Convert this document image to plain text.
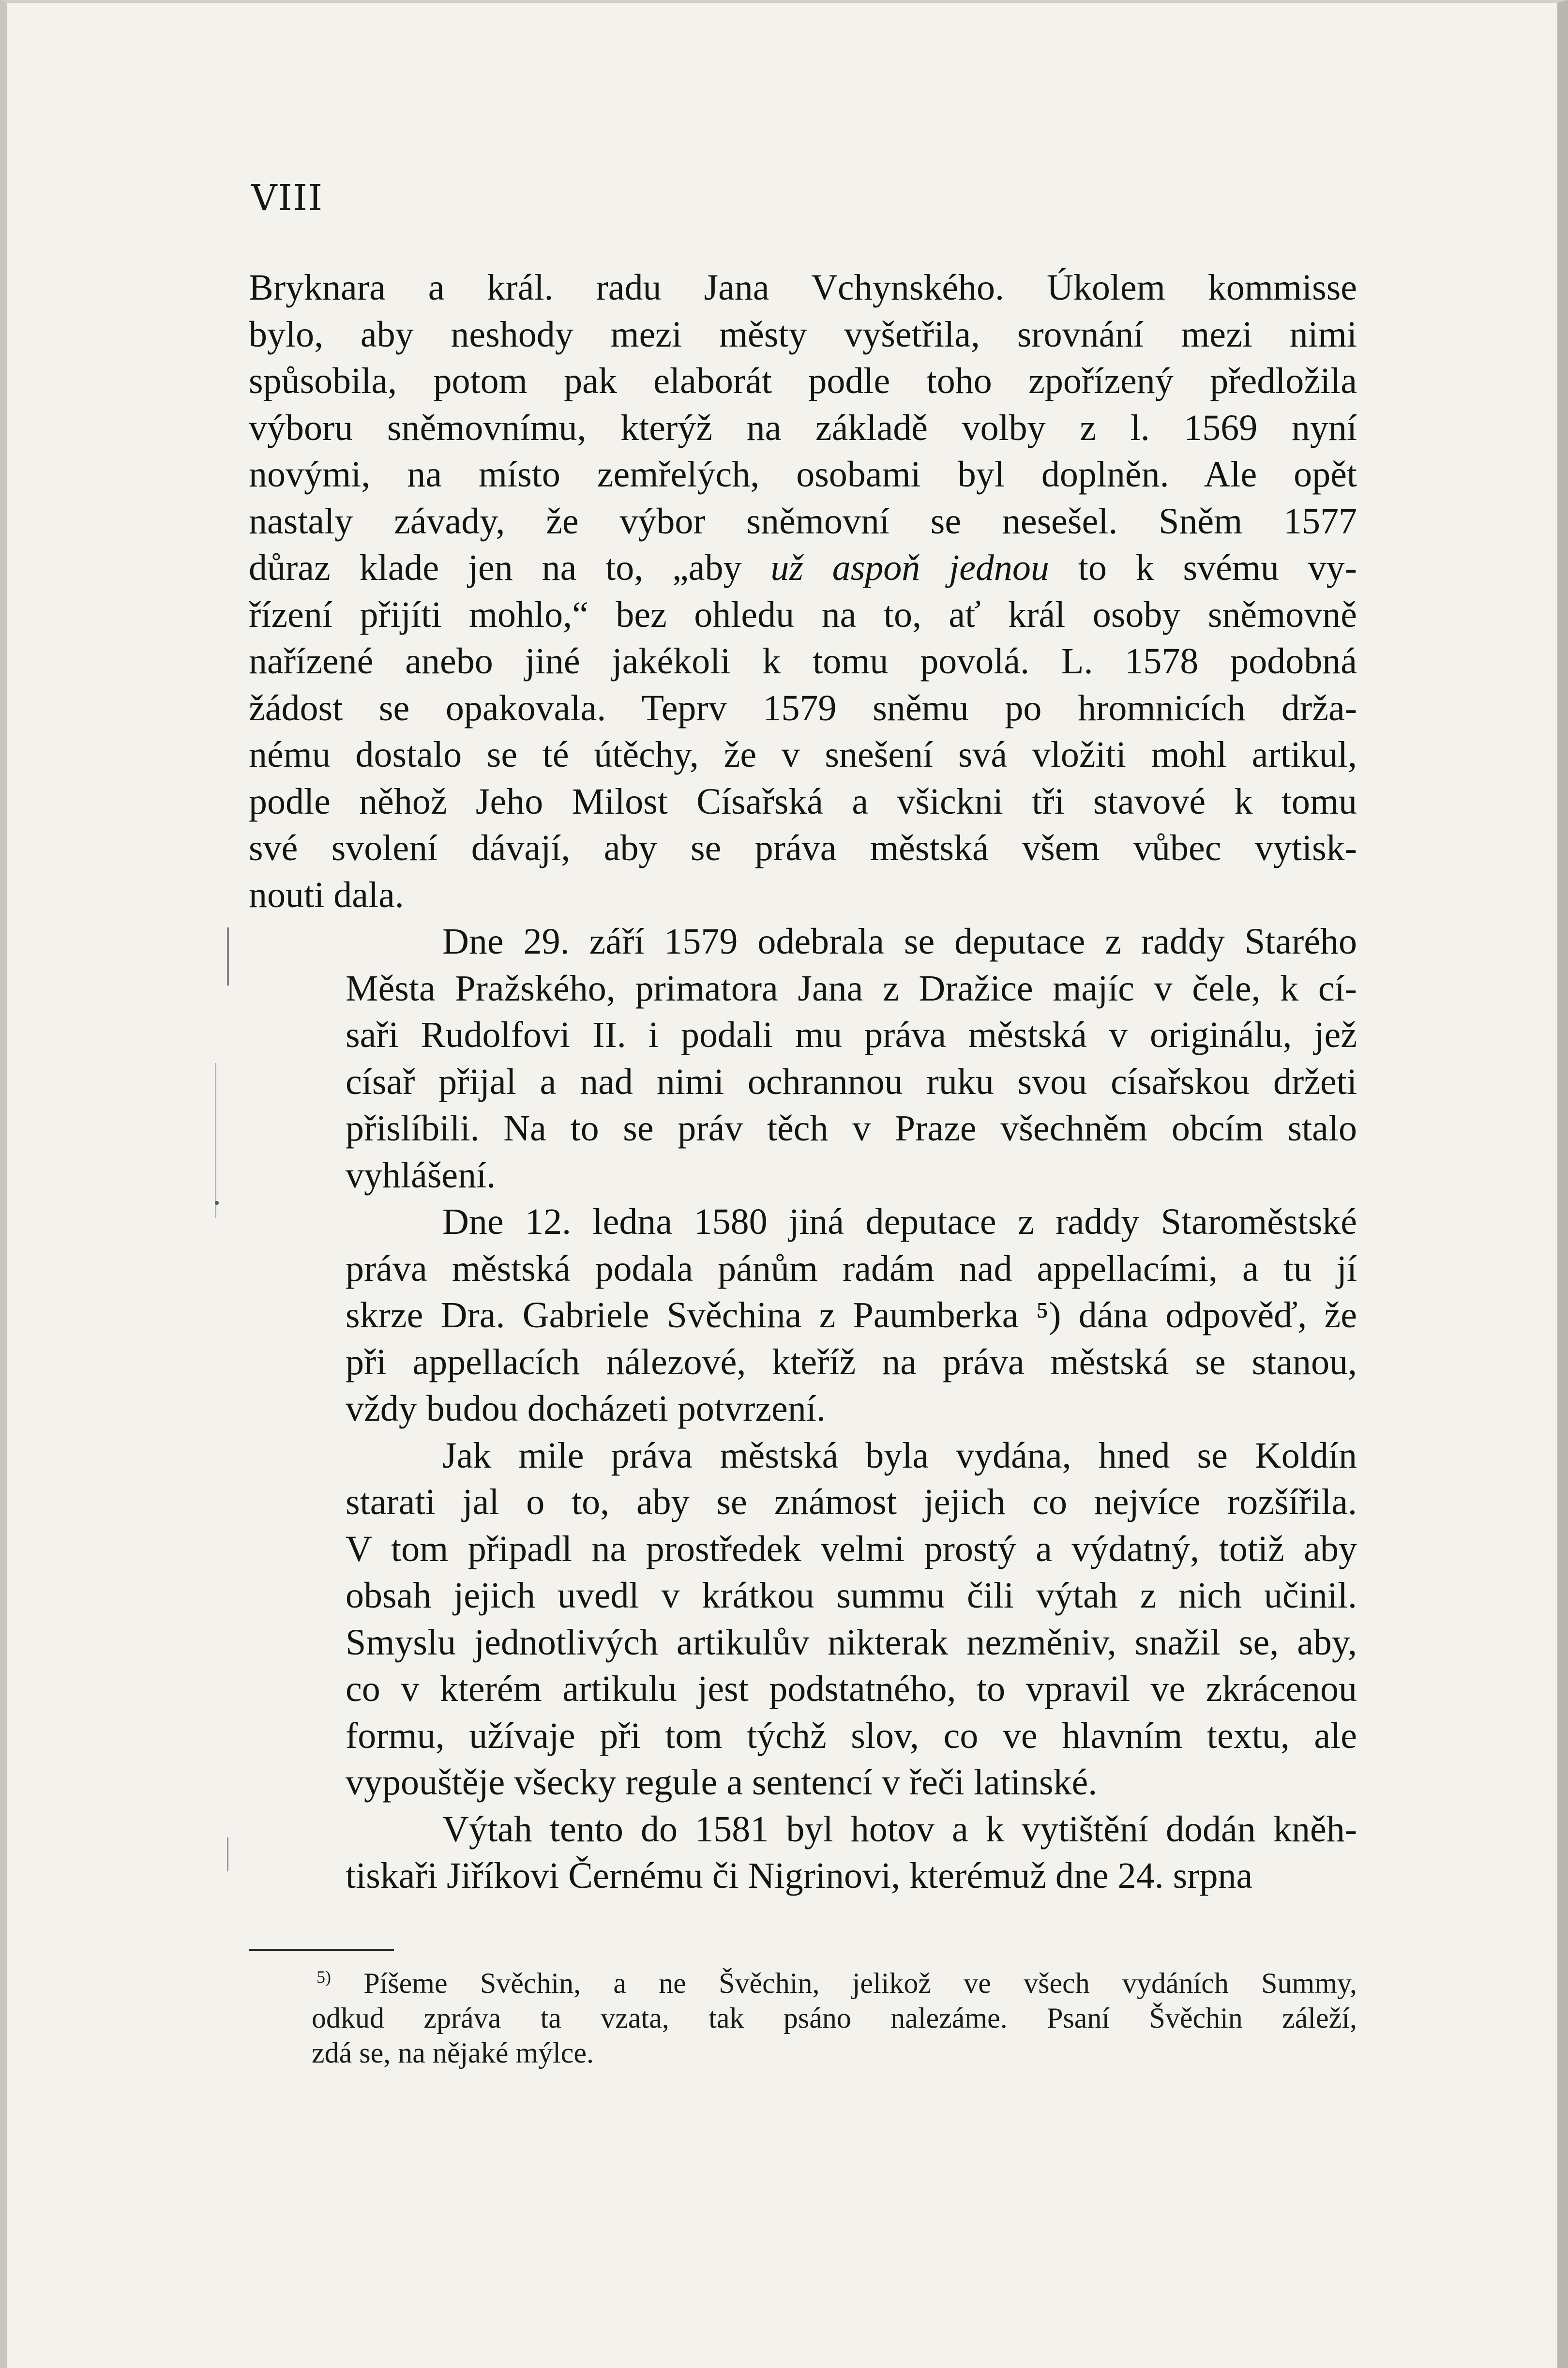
VIII

Bryknara a král. radu Jana Vchynského. Úkolem kommisse
bylo, aby neshody mezi městy vyšetřila, srovnání mezi nimi
spůsobila, potom pak elaborát podle toho zpořízený předložila
výboru sněmovnímu, kterýž na základě volby z l. 1569 nyní
novými, na místo zemřelých, osobami byl doplněn. Ale opět
nastaly závady, že výbor sněmovní se nesešel. Sněm 1577
důraz klade jen na to, „aby už aspoň jednou to k svému vy-
řízení přijíti mohlo,“ bez ohledu na to, ať král osoby sněmovně
nařízené anebo jiné jakékoli k tomu povolá. L. 1578 podobná
žádost se opakovala. Teprv 1579 sněmu po hromnicích drža-
nému dostalo se té útěchy, že v snešení svá vložiti mohl artikul,
podle něhož Jeho Milost Císařská a všickni tři stavové k tomu
své svolení dávají, aby se práva městská všem vůbec vytisk-
nouti dala.

Dne 29. září 1579 odebrala se deputace z raddy Starého
Města Pražského, primatora Jana z Dražice majíc v čele, k cí-
saři Rudolfovi II. i podali mu práva městská v originálu, jež
císař přijal a nad nimi ochrannou ruku svou císařskou držeti
přislíbili. Na to se práv těch v Praze všechněm obcím stalo
vyhlášení.

Dne 12. ledna 1580 jiná deputace z raddy Staroměstské
práva městská podala pánům radám nad appellacími, a tu jí
skrze Dra. Gabriele Svěchina z Paumberka ⁵) dána odpověď, že
při appellacích nálezové, kteříž na práva městská se stanou,
vždy budou docházeti potvrzení.

Jak mile práva městská byla vydána, hned se Koldín
starati jal o to, aby se známost jejich co nejvíce rozšířila.
V tom připadl na prostředek velmi prostý a výdatný, totiž aby
obsah jejich uvedl v krátkou summu čili výtah z nich učinil.
Smyslu jednotlivých artikulův nikterak nezměniv, snažil se, aby,
co v kterém artikulu jest podstatného, to vpravil ve zkrácenou
formu, užívaje při tom týchž slov, co ve hlavním textu, ale
vypouštěje všecky regule a sentencí v řeči latinské.

Výtah tento do 1581 byl hotov a k vytištění dodán kněh-
tiskaři Jiříkovi Černému či Nigrinovi, kterémuž dne 24. srpna

$^{5)}$ Píšeme Svěchin, a ne Švěchin, jelikož ve všech vydáních Summy,
odkud zpráva ta vzata, tak psáno nalezáme. Psaní Švěchin záleží,
zdá se, na nějaké mýlce.
